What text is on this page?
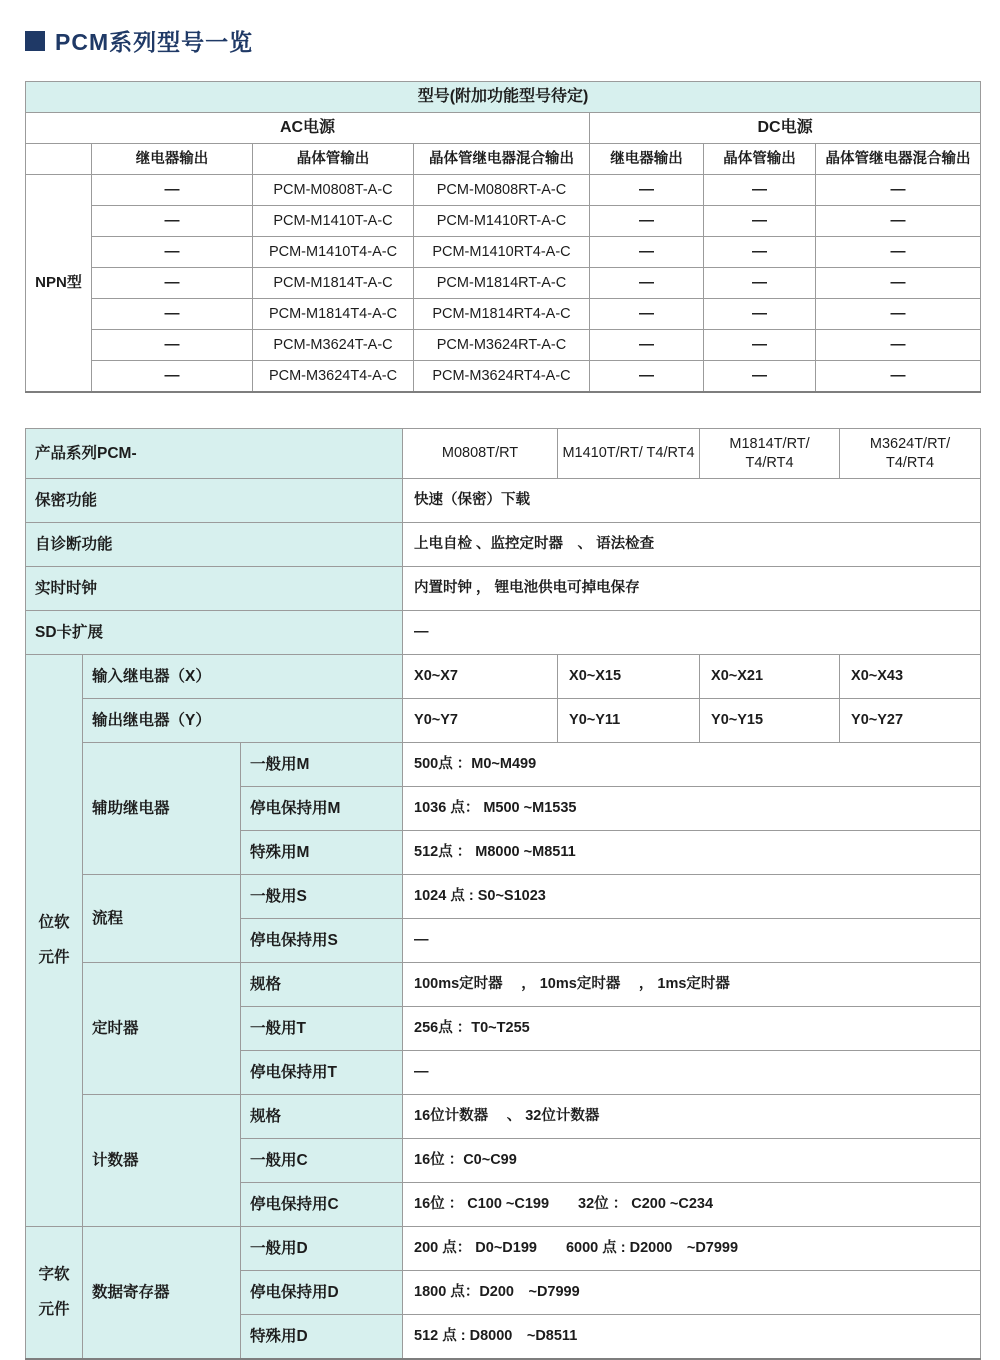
PCM系列型号一览
型号(附加功能型号待定)						
AC电源				DC电源		
	继电器输出	晶体管输出	晶体管继电器混合输出	继电器输出	晶体管输出	晶体管继电器混合输出
NPN型	—	PCM-M0808T-A-C	PCM-M0808RT-A-C	—	—	—
	—	PCM-M1410T-A-C	PCM-M1410RT-A-C	—	—	—
	—	PCM-M1410T4-A-C	PCM-M1410RT4-A-C	—	—	—
	—	PCM-M1814T-A-C	PCM-M1814RT-A-C	—	—	—
	—	PCM-M1814T4-A-C	PCM-M1814RT4-A-C	—	—	—
	—	PCM-M3624T-A-C	PCM-M3624RT-A-C	—	—	—
	—	PCM-M3624T4-A-C	PCM-M3624RT4-A-C	—	—	—
产品系列PCM-			M0808T/RT	M1410T/RT/ T4/RT4	M1814T/RT/ T4/RT4	M3624T/RT/ T4/RT4
保密功能			快速（保密）下载			
自诊断功能			上电自检 、监控定时器　、 语法检查			
实时时钟			内置时钟 ， 锂电池供电可掉电保存			
SD卡扩展			—			
位软元件	输入继电器（X）		X0~X7	X0~X15	X0~X21	X0~X43
	输出继电器（Y）		Y0~Y7	Y0~Y11	Y0~Y15	Y0~Y27
	辅助继电器	一般用M	500点 ：M0~M499			
		停电保持用M	1036 点： M500 ~M1535			
		特殊用M	512点 ： M8000 ~M8511			
	流程	一般用S	1024 点 : S0~S1023			
		停电保持用S	—			
	定时器	规格	100ms定时器 　， 10ms定时器 　， 1ms定时器			
		一般用T	256点 ：T0~T255			
		停电保持用T	—			
	计数器	规格	16位计数器 　、 32位计数器			
		一般用C	16位 ：C0~C99			
		停电保持用C	16位 ： C100 ~C199　　32位 ： C200 ~C234			
字软元件	数据寄存器	一般用D	200 点： D0~D199　　6000 点 : D2000　~D7999			
		停电保持用D	1800 点：D200　~D7999			
		特殊用D	512 点 : D8000　~D8511			
